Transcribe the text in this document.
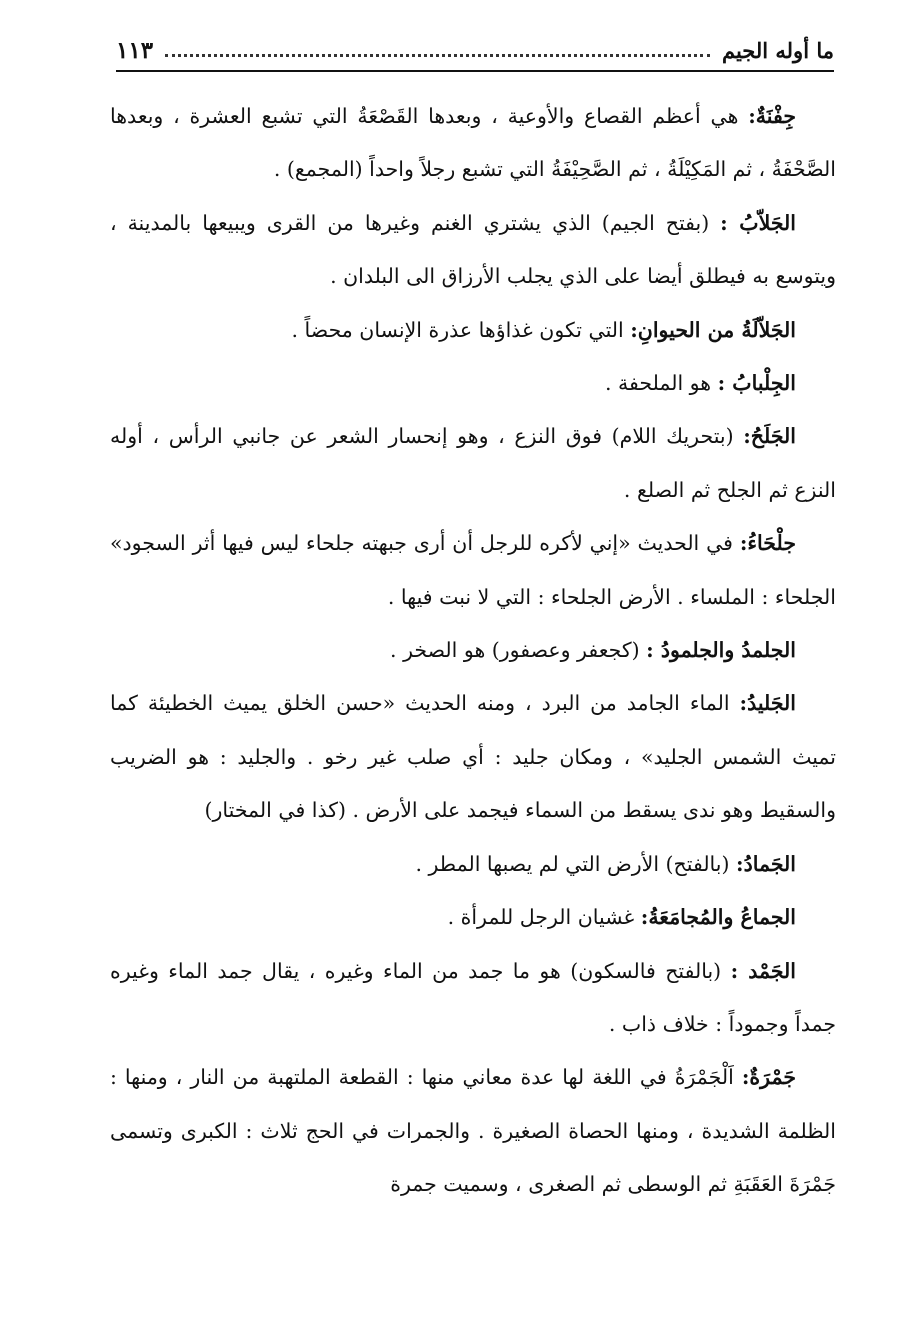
ما أوله الجيم
١١٣

جِفْنَةٌ: هي أعظم القصاع والأوعية ، وبعدها القَصْعَةُ التي تشبع العشرة ، وبعدها الصَّحْفَةُ ، ثم المَكِيْلَةُ ، ثم الصَّحِيْفَةُ التي تشبع رجلاً واحداً (المجمع) .

الجَلاّبُ : (بفتح الجيم) الذي يشتري الغنم وغيرها من القرى ويبيعها بالمدينة ، ويتوسع به فيطلق أيضا على الذي يجلب الأرزاق الى البلدان .

الجَلاّلَةُ من الحيوانِ: التي تكون غذاؤها عذرة الإنسان محضاً .

الجِلْبابُ : هو الملحفة .

الجَلَحُ: (بتحريك اللام) فوق النزع ، وهو إنحسار الشعر عن جانبي الرأس ، أوله النزع ثم الجلح ثم الصلع .

جلْحَاءُ: في الحديث «إني لأكره للرجل أن أرى جبهته جلحاء ليس فيها أثر السجود» الجلحاء : الملساء . الأرض الجلحاء : التي لا نبت فيها .

الجلمدُ والجلمودُ : (كجعفر وعصفور) هو الصخر .

الجَليدُ: الماء الجامد من البرد ، ومنه الحديث «حسن الخلق يميث الخطيئة كما تميث الشمس الجليد» ، ومكان جليد : أي صلب غير رخو . والجليد : هو الضريب والسقيط وهو ندى يسقط من السماء فيجمد على الأرض . (كذا في المختار)

الجَمادُ: (بالفتح) الأرض التي لم يصبها المطر .

الجماعُ والمُجامَعَةُ: غشيان الرجل للمرأة .

الجَمْد : (بالفتح فالسكون) هو ما جمد من الماء وغيره ، يقال جمد الماء وغيره جمداً وجموداً : خلاف ذاب .

جَمْرَةٌ: اَلْجَمْرَةُ في اللغة لها عدة معاني منها : القطعة الملتهبة من النار ، ومنها : الظلمة الشديدة ، ومنها الحصاة الصغيرة . والجمرات في الحج ثلاث : الكبرى وتسمى جَمْرَةَ العَقَبَةِ ثم الوسطى ثم الصغرى ، وسميت جمرة
